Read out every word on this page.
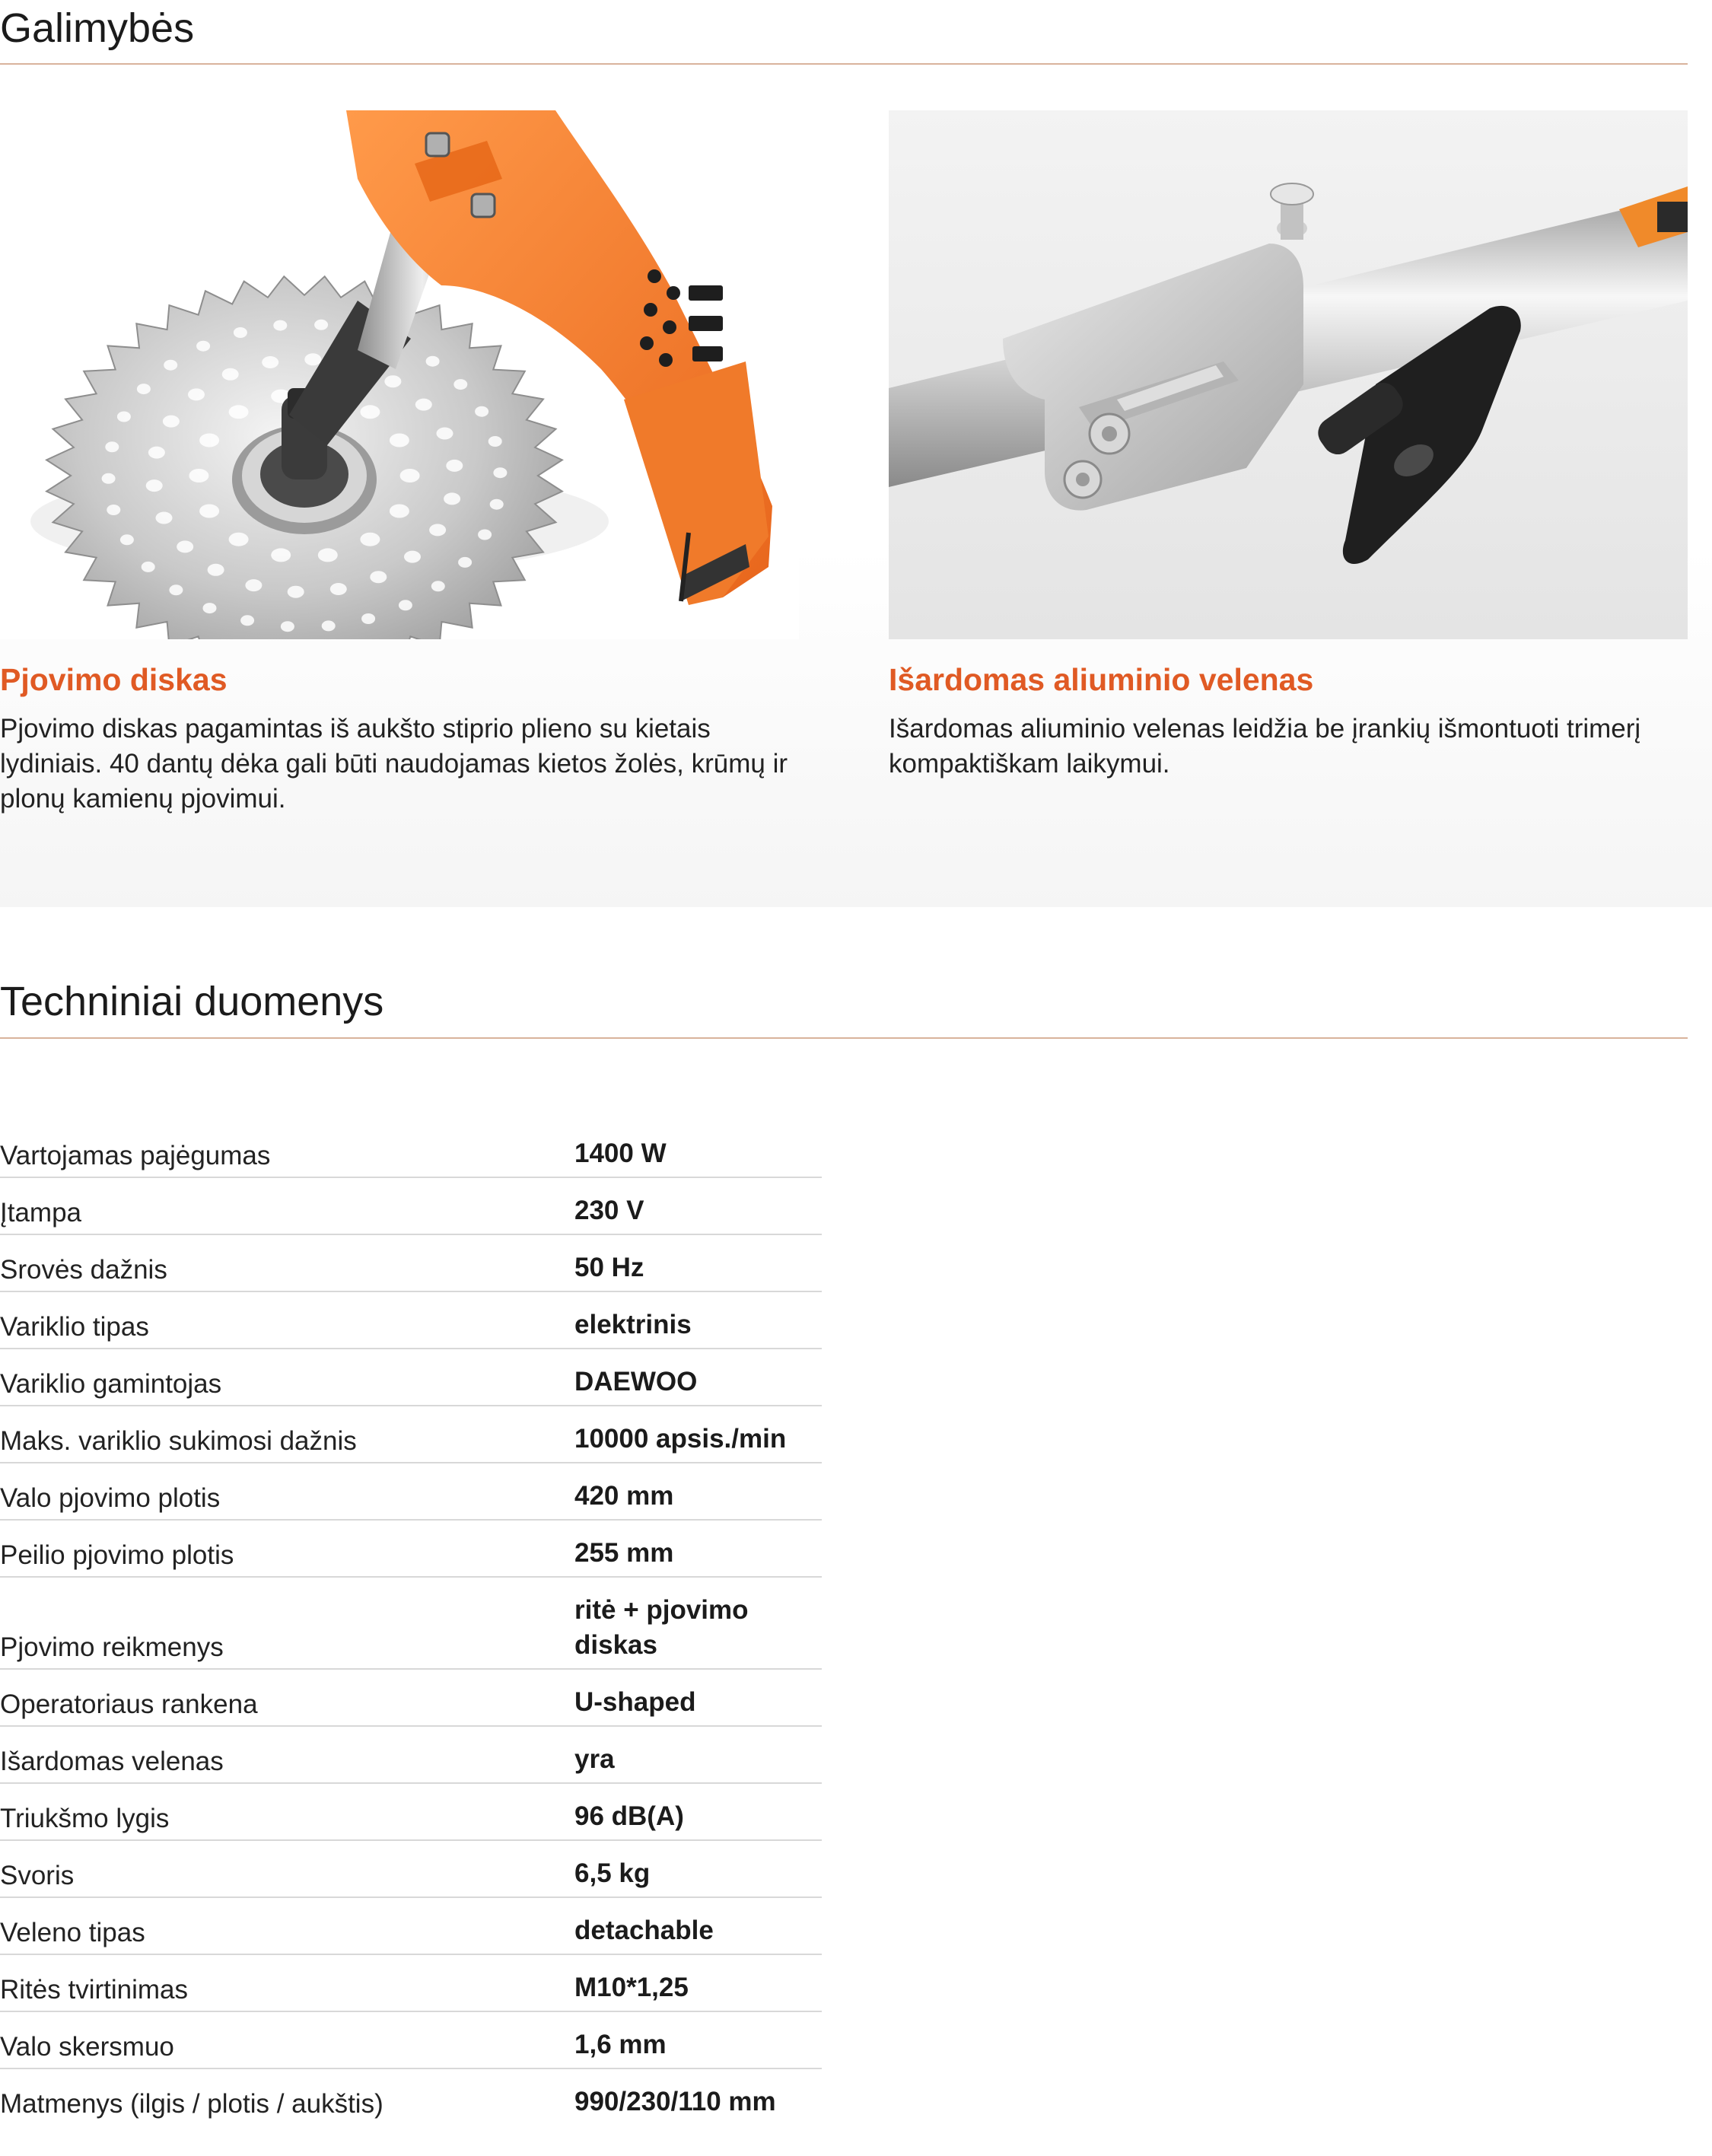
Galimybės
Pjovimo diskas

Pjovimo diskas pagamintas iš aukšto stiprio plieno su kietais lydiniais. 40 dantų dėka gali būti naudojamas kietos žolės, krūmų ir plonų kamienų pjovimui.

Išardomas aliuminio velenas

Išardomas aliuminio velenas leidžia be įrankių išmontuoti trimerį kompaktiškam laikymui.

Techniniai duomenys
Vartojamas pajėgumas	1400 W
Įtampa	230 V
Srovės dažnis	50 Hz
Variklio tipas	elektrinis
Variklio gamintojas	DAEWOO
Maks. variklio sukimosi dažnis	10000 apsis./min
Valo pjovimo plotis	420 mm
Peilio pjovimo plotis	255 mm
Pjovimo reikmenys	ritė + pjovimo diskas
Operatoriaus rankena	U-shaped
Išardomas velenas	yra
Triukšmo lygis	96 dB(A)
Svoris	6,5 kg
Veleno tipas	detachable
Ritės tvirtinimas	M10*1,25
Valo skersmuo	1,6 mm
Matmenys (ilgis / plotis / aukštis)	990/230/110 mm
